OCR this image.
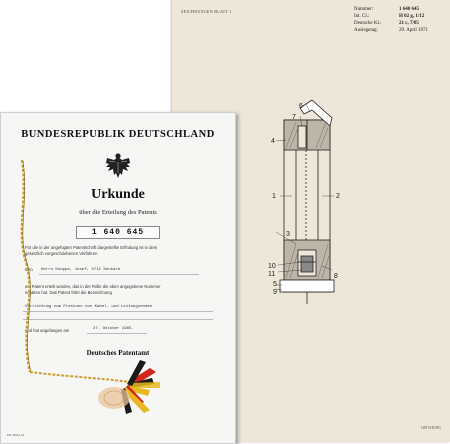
ZEICHNUNGEN BLATT 1	Nummer:	1 640 645
Int. Cl.:	H 02 g, 1/12
Deutsche Kl.:	21 c, 7/05
Auslegetag:	29. April 1971
1	2
3
4
5
6
7
8
9
10
11
109 518/391
BUNDESREPUBLIK DEUTSCHLAND
Urkunde
über die Erteilung des Patents
1 640 645
Für die in der angefügten Patentschrift dargestellte Erfindung ist in dem
gesetzlich vorgeschriebenen Verfahren
Den	Herrn Knoppe, Josef, 4711 Senkarb
ein Patent erteilt worden, das in der Rolle die oben angegebene Nummer
erhalten hat. Das Patent führt die Bezeichnung
Vorrichtung zum Prestoen von Kabel- und Leitungsenden
und hat angefangen am	27. Oktober 1965.
Deutsches Patentamt
Pat. Bsfst 14
